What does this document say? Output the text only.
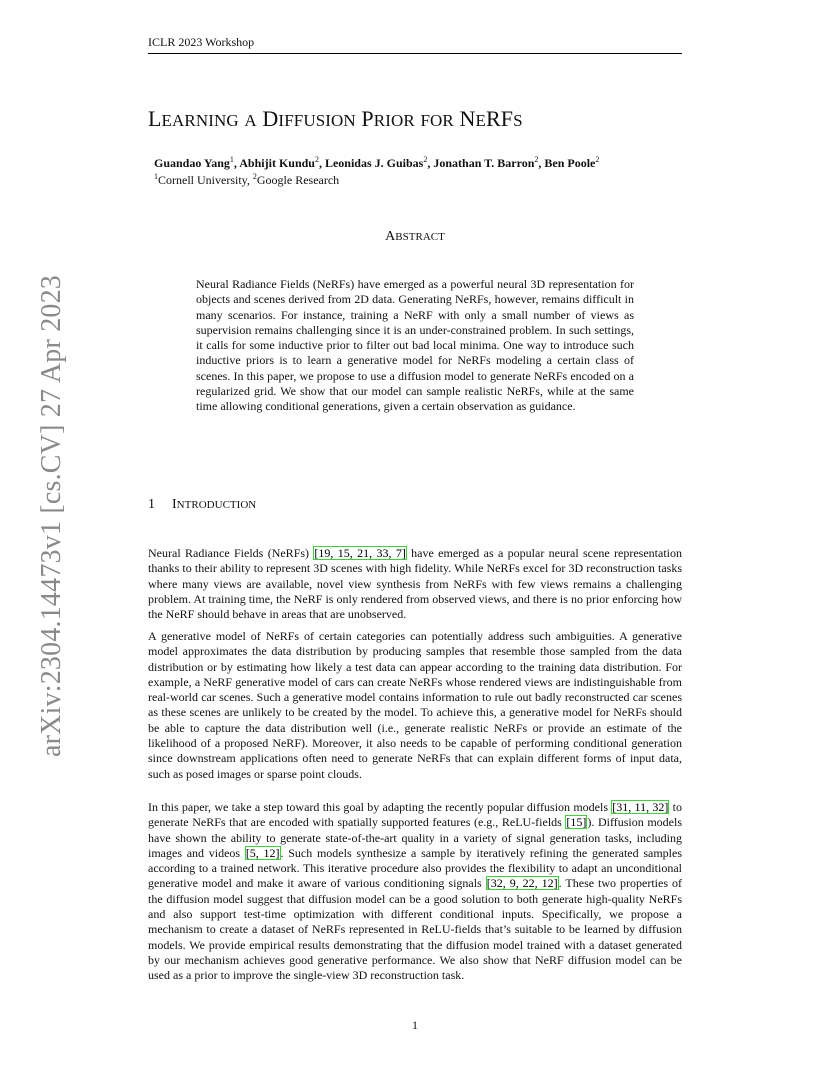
ICLR 2023 Workshop
arXiv:2304.14473v1 [cs.CV] 27 Apr 2023
LEARNING A DIFFUSION PRIOR FOR NERFS
Guandao Yang$^1$, Abhijit Kundu$^2$, Leonidas J. Guibas$^2$, Jonathan T. Barron$^2$, Ben Poole$^2$
$^1$Cornell University, $^2$Google Research
ABSTRACT

Neural Radiance Fields (NeRFs) have emerged as a powerful neural 3D representation for objects and scenes derived from 2D data. Generating NeRFs, however, remains difficult in many scenarios. For instance, training a NeRF with only a small number of views as supervision remains challenging since it is an under-constrained problem. In such settings, it calls for some inductive prior to filter out bad local minima. One way to introduce such inductive priors is to learn a generative model for NeRFs modeling a certain class of scenes. In this paper, we propose to use a diffusion model to generate NeRFs encoded on a regularized grid. We show that our model can sample realistic NeRFs, while at the same time allowing conditional generations, given a certain observation as guidance.

1 INTRODUCTION

Neural Radiance Fields (NeRFs) [19, 15, 21, 33, 7] have emerged as a popular neural scene representation thanks to their ability to represent 3D scenes with high fidelity. While NeRFs excel for 3D reconstruction tasks where many views are available, novel view synthesis from NeRFs with few views remains a challenging problem. At training time, the NeRF is only rendered from observed views, and there is no prior enforcing how the NeRF should behave in areas that are unobserved.

A generative model of NeRFs of certain categories can potentially address such ambiguities. A generative model approximates the data distribution by producing samples that resemble those sampled from the data distribution or by estimating how likely a test data can appear according to the training data distribution. For example, a NeRF generative model of cars can create NeRFs whose rendered views are indistinguishable from real-world car scenes. Such a generative model contains information to rule out badly reconstructed car scenes as these scenes are unlikely to be created by the model. To achieve this, a generative model for NeRFs should be able to capture the data distribution well (i.e., generate realistic NeRFs or provide an estimate of the likelihood of a proposed NeRF). Moreover, it also needs to be capable of performing conditional generation since downstream applications often need to generate NeRFs that can explain different forms of input data, such as posed images or sparse point clouds.

In this paper, we take a step toward this goal by adapting the recently popular diffusion models [31, 11, 32] to generate NeRFs that are encoded with spatially supported features (e.g., ReLU-fields [15]). Diffusion models have shown the ability to generate state-of-the-art quality in a variety of signal generation tasks, including images and videos [5, 12]. Such models synthesize a sample by iteratively refining the generated samples according to a trained network. This iterative procedure also provides the flexibility to adapt an unconditional generative model and make it aware of various conditioning signals [32, 9, 22, 12]. These two properties of the diffusion model suggest that diffusion model can be a good solution to both generate high-quality NeRFs and also support test-time optimization with different conditional inputs. Specifically, we propose a mechanism to create a dataset of NeRFs represented in ReLU-fields that’s suitable to be learned by diffusion models. We provide empirical results demonstrating that the diffusion model trained with a dataset generated by our mechanism achieves good generative performance. We also show that NeRF diffusion model can be used as a prior to improve the single-view 3D reconstruction task.

1
